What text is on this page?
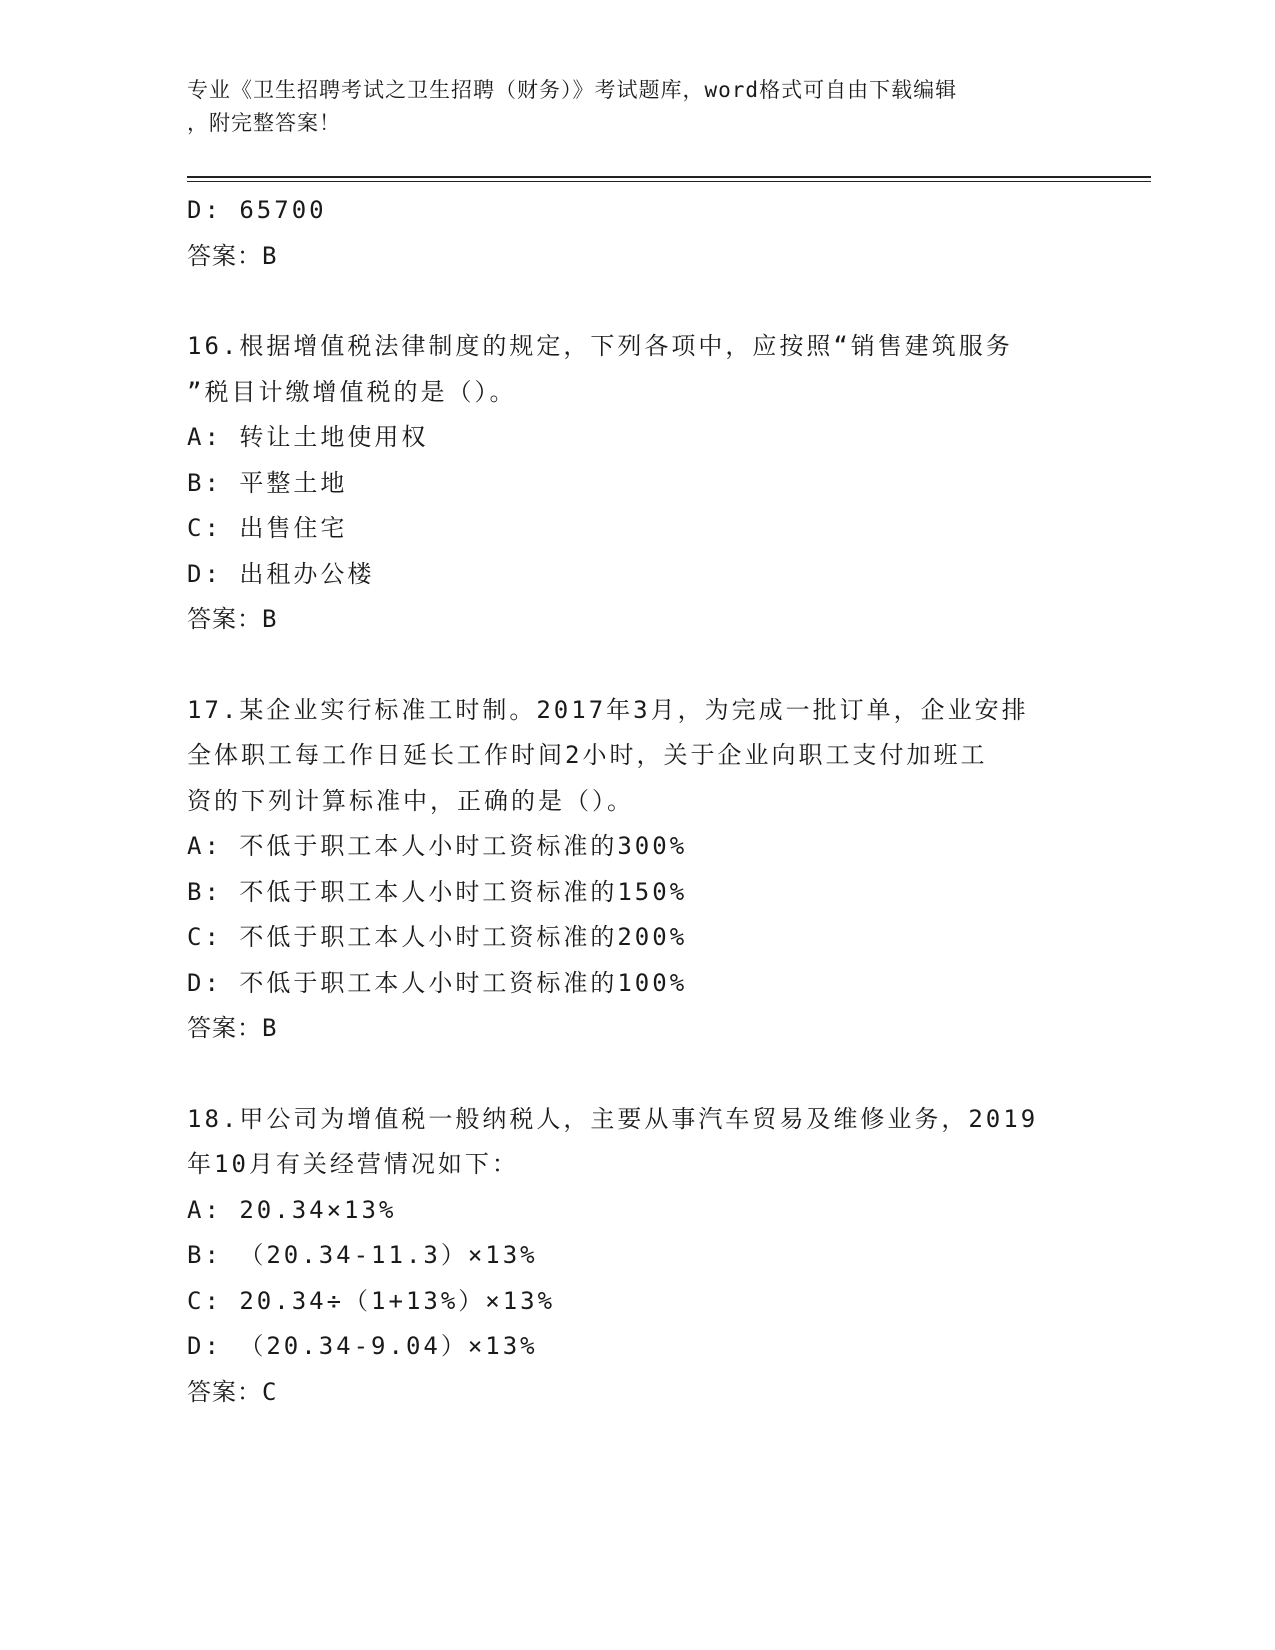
专业《卫生招聘考试之卫生招聘（财务）》考试题库，word格式可自由下载编辑
，附完整答案！
D: 65700
答案：B
16.根据增值税法律制度的规定，下列各项中，应按照“销售建筑服务
”税目计缴增值税的是（）。
A: 转让土地使用权
B: 平整土地
C: 出售住宅
D: 出租办公楼
答案：B
17.某企业实行标准工时制。2017年3月，为完成一批订单，企业安排
全体职工每工作日延长工作时间2小时，关于企业向职工支付加班工
资的下列计算标准中，正确的是（）。
A: 不低于职工本人小时工资标准的300%
B: 不低于职工本人小时工资标准的150%
C: 不低于职工本人小时工资标准的200%
D: 不低于职工本人小时工资标准的100%
答案：B
18.甲公司为增值税一般纳税人，主要从事汽车贸易及维修业务，2019
年10月有关经营情况如下：
A: 20.34×13%
B: （20.34-11.3）×13%
C: 20.34÷（1+13%）×13%
D: （20.34-9.04）×13%
答案：C
